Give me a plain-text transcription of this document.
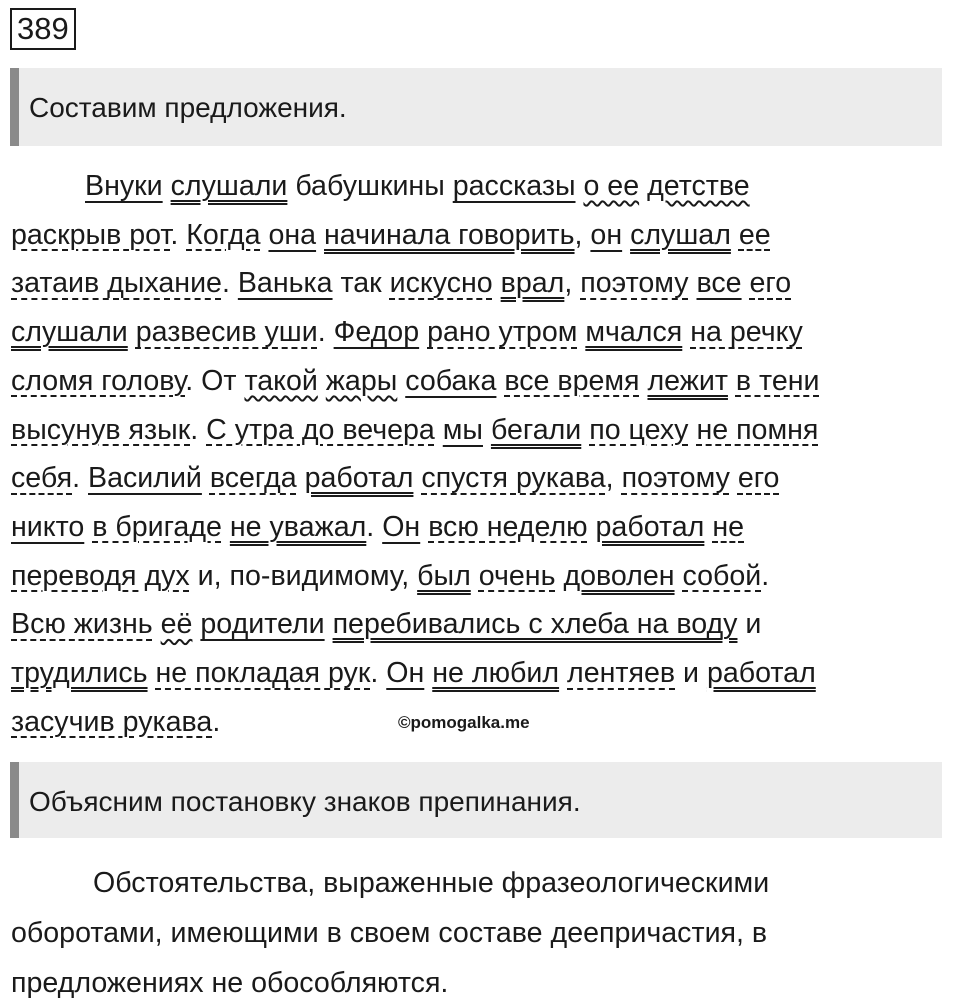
389
Составим предложения.
Внуки слушали бабушкины рассказы о ее детстве
раскрыв рот. Когда она начинала говорить, он слушал ее
затаив дыхание. Ванька так искусно врал, поэтому все его
слушали развесив уши. Федор рано утром мчался на речку
сломя голову. От такой жары собака все время лежит в тени
высунув язык. С утра до вечера мы бегали по цеху не помня
себя. Василий всегда работал спустя рукава, поэтому его
никто в бригаде не уважал. Он всю неделю работал не
переводя дух и, по-видимому, был очень доволен собой.
Всю жизнь её родители перебивались с хлеба на воду и
трудились не покладая рук. Он не любил лентяев и работал
засучив рукава.	©pomogalka.me
Объясним постановку знаков препинания.
Обстоятельства, выраженные фразеологическими
оборотами, имеющими в своем составе деепричастия, в
предложениях не обособляются.
